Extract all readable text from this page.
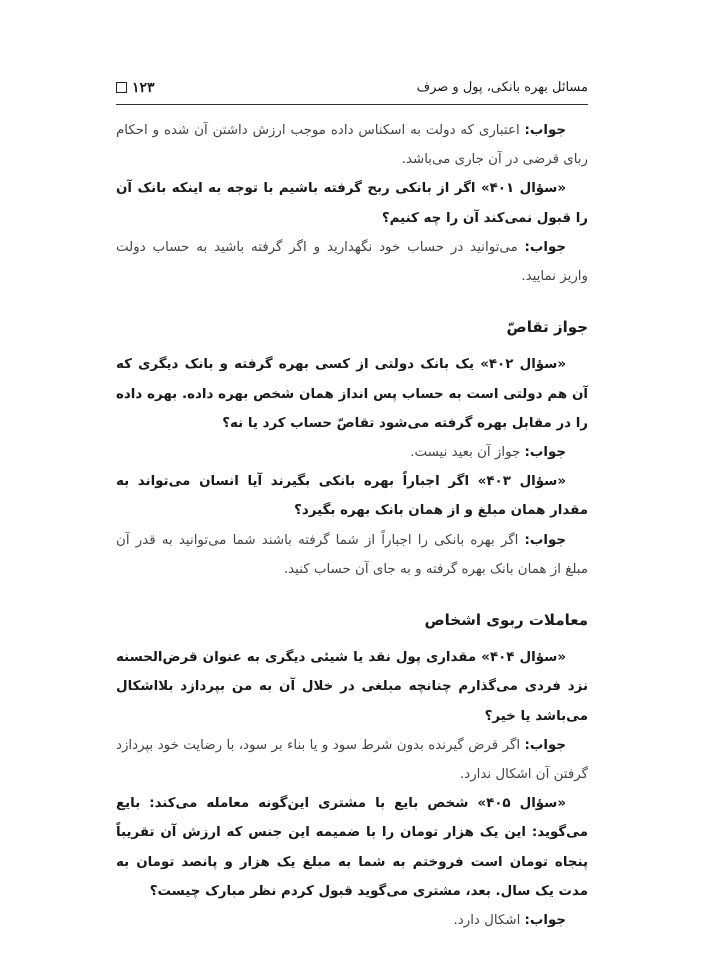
مسائل بهره بانکی، پول و صرف
۱۲۳

جواب: اعتباری که دولت به اسکناس داده موجب ارزش داشتن آن شده و احکام ربای قرضی در آن جاری می‌باشد.

«سؤال ۴۰۱» اگر از بانکی ربح گرفته باشیم با توجه به اینکه بانک آن را قبول نمی‌کند آن را چه کنیم؟

جواب: می‌توانید در حساب خود نگهدارید و اگر گرفته باشید به حساب دولت واریز نمایید.

جواز تقاصّ

«سؤال ۴۰۲» یک بانک دولتی از کسی بهره گرفته و بانک دیگری که آن هم دولتی است به حساب پس انداز همان شخص بهره داده. بهره داده را در مقابل بهره گرفته می‌شود تقاصّ حساب کرد یا نه؟

جواب: جواز آن بعید نیست.

«سؤال ۴۰۳» اگر اجباراً بهره بانکی بگیرند آیا انسان می‌تواند به مقدار همان مبلغ و از همان بانک بهره بگیرد؟

جواب: اگر بهره بانکی را اجباراً از شما گرفته باشند شما می‌توانید به قدر آن مبلغ از همان بانک بهره گرفته و به جای آن حساب کنید.

معاملات ربوی اشخاص

«سؤال ۴۰۴» مقداری پول نقد یا شیئی دیگری به عنوان قرض‌الحسنه نزد فردی می‌گذارم چنانچه مبلغی در خلال آن به من بپردازد بلااشکال می‌باشد یا خیر؟

جواب: اگر قرض گیرنده بدون شرط سود و یا بناء بر سود، با رضایت خود بپردازد گرفتن آن اشکال ندارد.

«سؤال ۴۰۵» شخص بایع با مشتری این‌گونه معامله می‌کند: بایع می‌گوید: این یک هزار تومان را با ضمیمه این جنس که ارزش آن تقریباً پنجاه تومان است فروختم به شما به مبلغ یک هزار و پانصد تومان به مدت یک سال. بعد، مشتری می‌گوید قبول کردم نظر مبارک چیست؟

جواب: اشکال دارد.
